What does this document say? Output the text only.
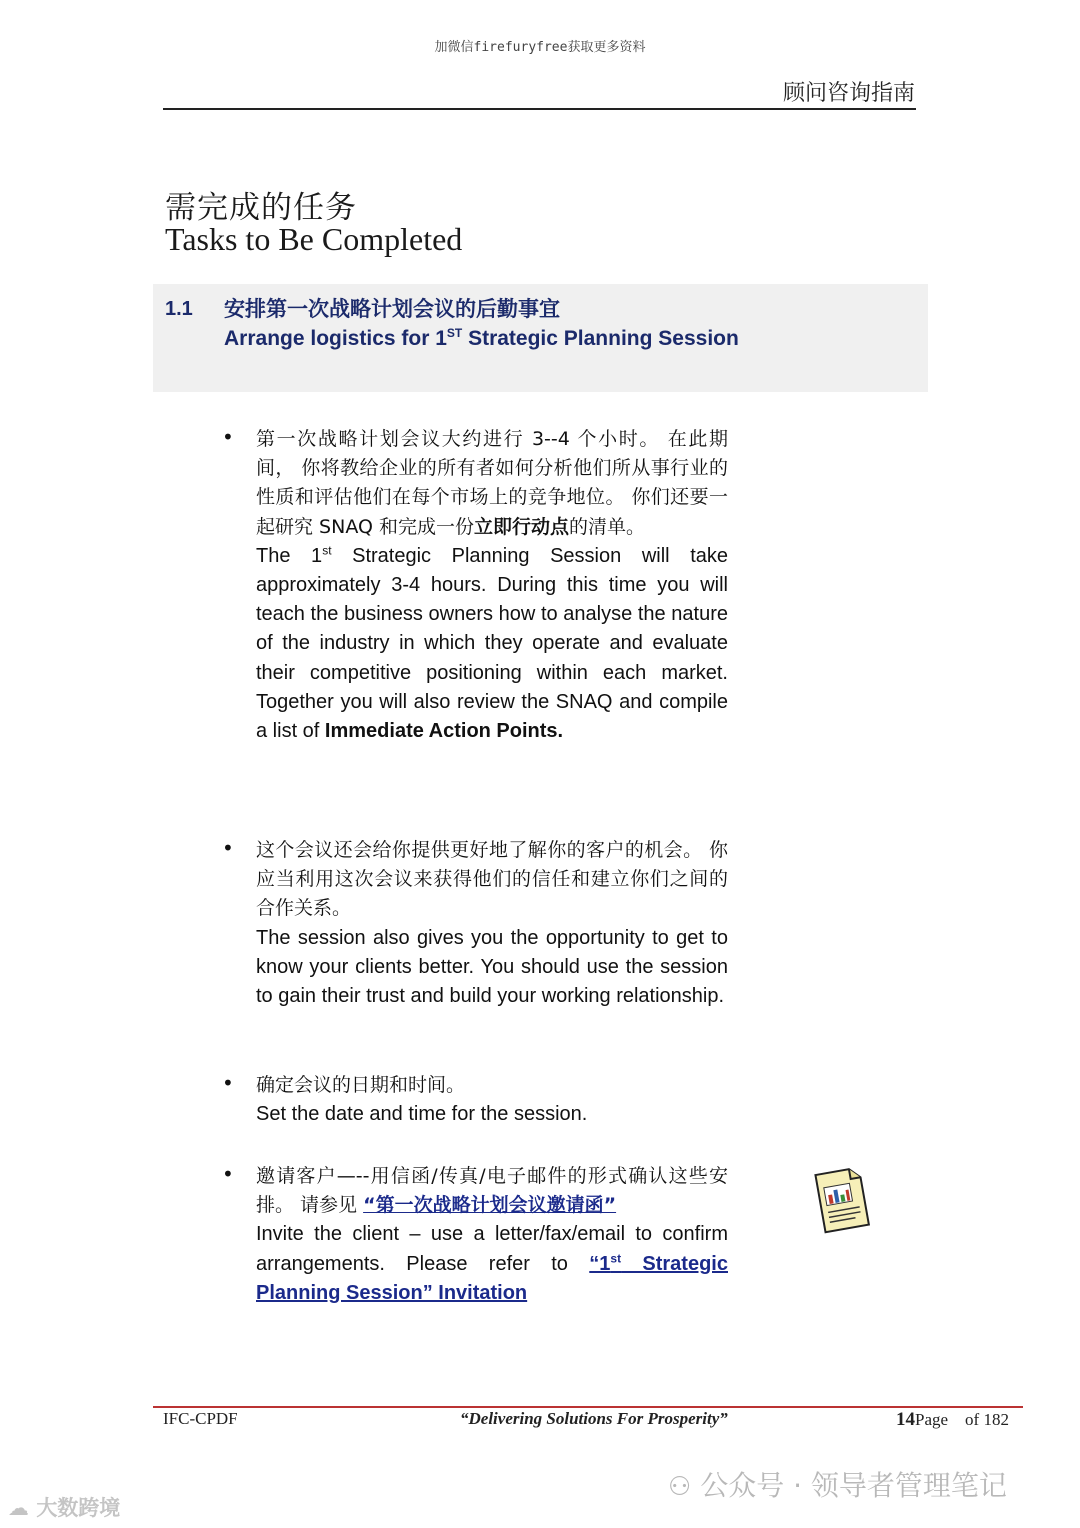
加微信firefuryfree获取更多资料
顾问咨询指南
需完成的任务
Tasks to Be Completed
1.1 安排第一次战略计划会议的后勤事宜
Arrange logistics for 1ST Strategic Planning Session
• 第一次战略计划会议大约进行 3--4 个小时。 在此期间， 你将教给企业的所有者如何分析他们所从事行业的性质和评估他们在每个市场上的竞争地位。 你们还要一起研究 SNAQ 和完成一份立即行动点的清单。
The 1st Strategic Planning Session will take approximately 3-4 hours. During this time you will teach the business owners how to analyse the nature of the industry in which they operate and evaluate their competitive positioning within each market. Together you will also review the SNAQ and compile a list of Immediate Action Points.
• 这个会议还会给你提供更好地了解你的客户的机会。 你应当利用这次会议来获得他们的信任和建立你们之间的合作关系。
The session also gives you the opportunity to get to know your clients better. You should use the session to gain their trust and build your working relationship.
• 确定会议的日期和时间。
Set the date and time for the session.
• 邀请客户—--用信函/传真/电子邮件的形式确认这些安排。 请参见 “第一次战略计划会议邀请函”
Invite the client – use a letter/fax/email to confirm arrangements. Please refer to “1st Strategic Planning Session” Invitation
IFC-CPDF	“Delivering Solutions For Prosperity”	14Page of 182
⚇ 公众号 · 领导者管理笔记
☁ 大数跨境
